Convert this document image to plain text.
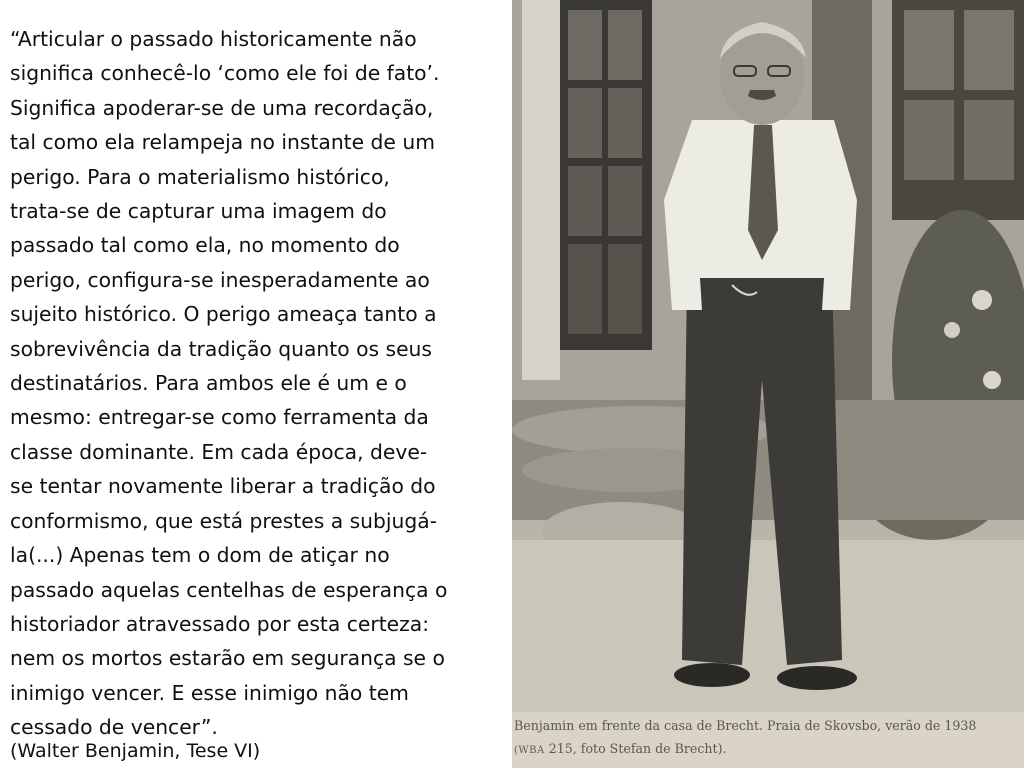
“Articular o passado historicamente não
significa conhecê-lo ‘como ele foi de fato’.
Significa apoderar-se de uma recordação,
tal como ela relampeja no instante de um
perigo. Para o materialismo histórico,
trata-se de capturar uma imagem do
passado tal como ela, no momento do
perigo, configura-se inesperadamente ao
sujeito histórico. O perigo ameaça tanto a
sobrevivência da tradição quanto os seus
destinatários. Para ambos ele é um e o
mesmo: entregar-se como ferramenta da
classe dominante. Em cada época, deve-
se tentar novamente liberar a tradição do
conformismo, que está prestes a subjugá-
la(...) Apenas tem o dom de atiçar no
passado aquelas centelhas de esperança o
historiador atravessado por esta certeza:
nem os mortos estarão em segurança se o
inimigo vencer. E esse inimigo não tem
cessado de vencer”.
(Walter Benjamin, Tese VI)
Benjamin em frente da casa de Brecht. Praia de Skovsbo, verão de 1938
(WBA 215, foto Stefan de Brecht).
